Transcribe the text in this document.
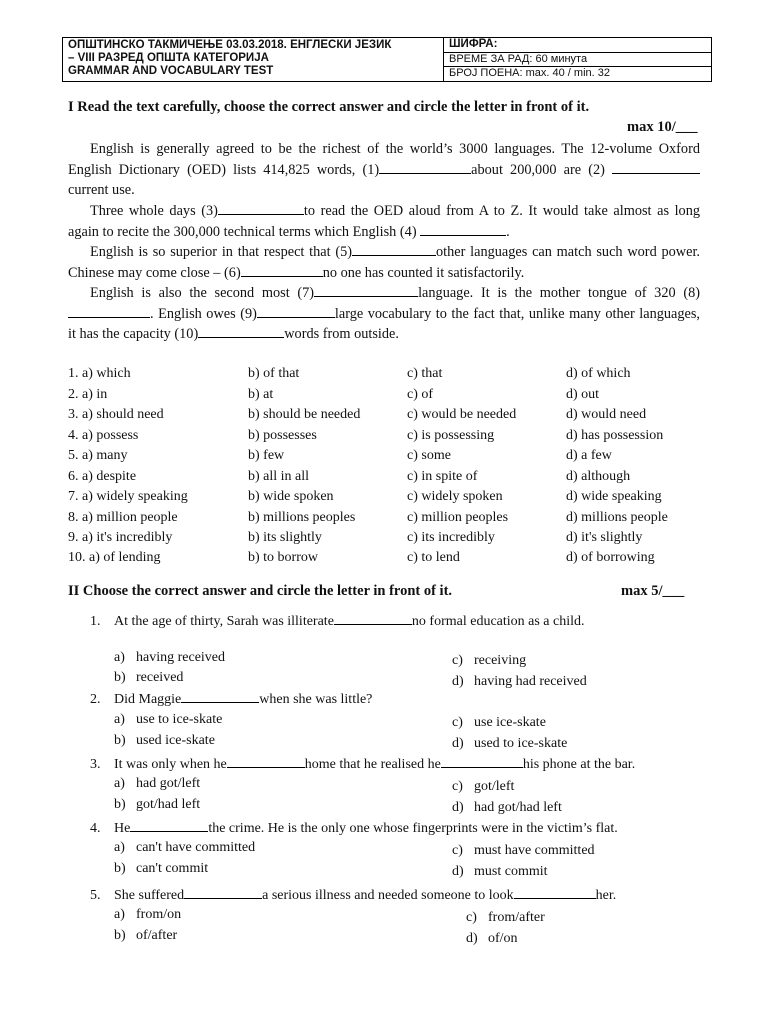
ОПШТИНСКО ТАКМИЧЕЊЕ 03.03.2018. ЕНГЛЕСКИ ЈЕЗИК
– VIII РАЗРЕД ОПШТА КАТЕГОРИЈА
GRAMMAR AND VOCABULARY TEST
	ШИФРА:
ВРЕМЕ ЗА РАД: 60 минута
БРОЈ ПОЕНА: max. 40 / min. 32
I Read the text carefully, choose the correct answer and circle the letter in front of it.
max 10/___
English is generally agreed to be the richest of the world’s 3000 languages. The 12-volume Oxford English Dictionary (OED) lists 414,825 words, (1)	about 200,000 are (2)  current use.
Three whole days (3)	to read the OED aloud from A to Z. It would take almost as long again to recite the 300,000 technical terms which English (4)	.
English is so superior in that respect that (5)	other languages can match such word power. Chinese may come close – (6)	no one has counted it satisfactorily.
English is also the second most (7)	language. It is the mother tongue of 320 (8) . English owes (9)	large vocabulary to the fact that, unlike many other languages, it has the capacity (10)	words from outside.
1. a) which	b) of that	c) that	d) of which
2. a) in	b) at	c) of	d) out
3. a) should need	b) should be needed	c) would be needed	d) would need
4. a) possess	b) possesses	c) is possessing	d) has possession
5. a) many	b) few	c) some	d) a few
6. a) despite	b) all in all	c) in spite of	d) although
7. a) widely speaking	b) wide spoken	c) widely spoken	d) wide speaking
8. a) million people	b) millions peoples	c) million peoples	d) millions people
9. a) it's incredibly	b) its slightly	c) its incredibly	d) it's slightly
10. a) of lending	b) to borrow	c) to lend	d) of borrowing
II Choose the correct answer and circle the letter in front of it.	max 5/___
1. At the age of thirty, Sarah was illiterate	no formal education as a child.
a) having received
b) received
c) receiving
d) having had received
2. Did Maggie	when she was little?
a) use to ice-skate
b) used ice-skate
c) use ice-skate
d) used to ice-skate
3. It was only when he	home that he realised he	his phone at the bar.
a) had got/left
b) got/had left
c) got/left
d) had got/had left
4. He	the crime. He is the only one whose fingerprints were in the victim’s flat.
a) can't have committed
b) can't commit
c) must have committed
d) must commit
5. She suffered	a serious illness and needed someone to look	her.
a) from/on
b) of/after
c) from/after
d) of/on
